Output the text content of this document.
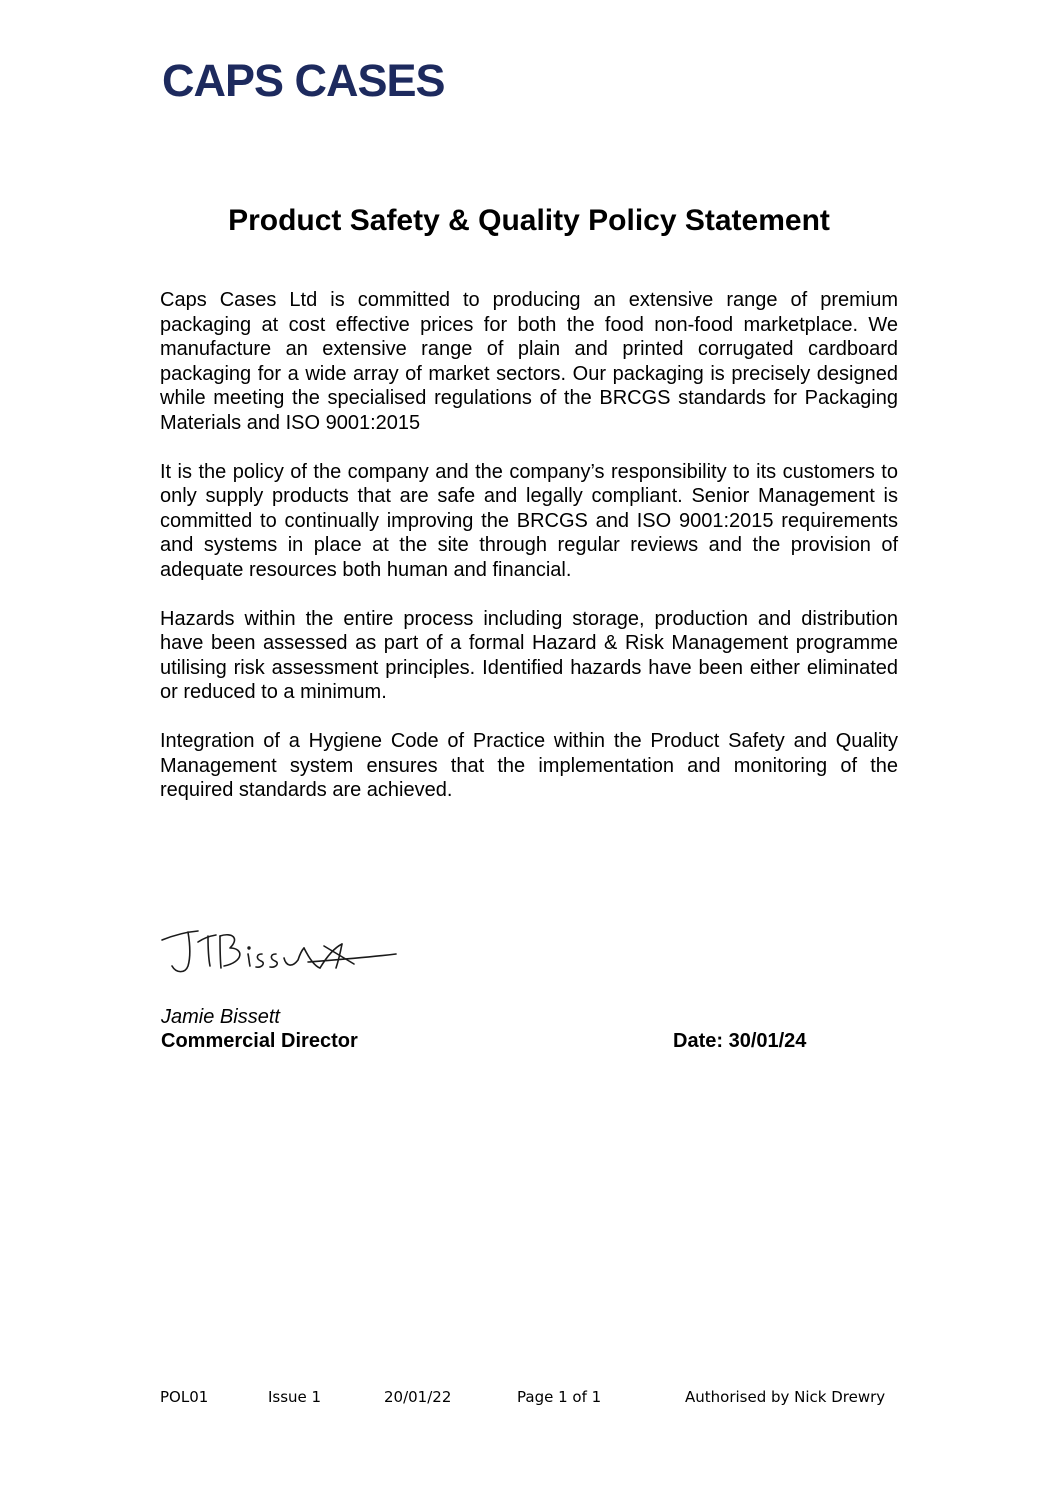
CAPS CASES
Product Safety & Quality Policy Statement

Caps Cases Ltd is committed to producing an extensive range of premium packaging at cost effective prices for both the food non-food marketplace. We manufacture an extensive range of plain and printed corrugated cardboard packaging for a wide array of market sectors. Our packaging is precisely designed while meeting the specialised regulations of the BRCGS standards for Packaging Materials and ISO 9001:2015

It is the policy of the company and the company’s responsibility to its customers to only supply products that are safe and legally compliant. Senior Management is committed to continually improving the BRCGS and ISO 9001:2015 requirements and systems in place at the site through regular reviews and the provision of adequate resources both human and financial.

Hazards within the entire process including storage, production and distribution have been assessed as part of a formal Hazard & Risk Management programme utilising risk assessment principles. Identified hazards have been either eliminated or reduced to a minimum.

Integration of a Hygiene Code of Practice within the Product Safety and Quality Management system ensures that the implementation and monitoring of the required standards are achieved.

Jamie Bissett
Commercial Director	Date: 30/01/24
POL01	Issue 1	20/01/22	Page 1 of 1	Authorised by Nick Drewry
